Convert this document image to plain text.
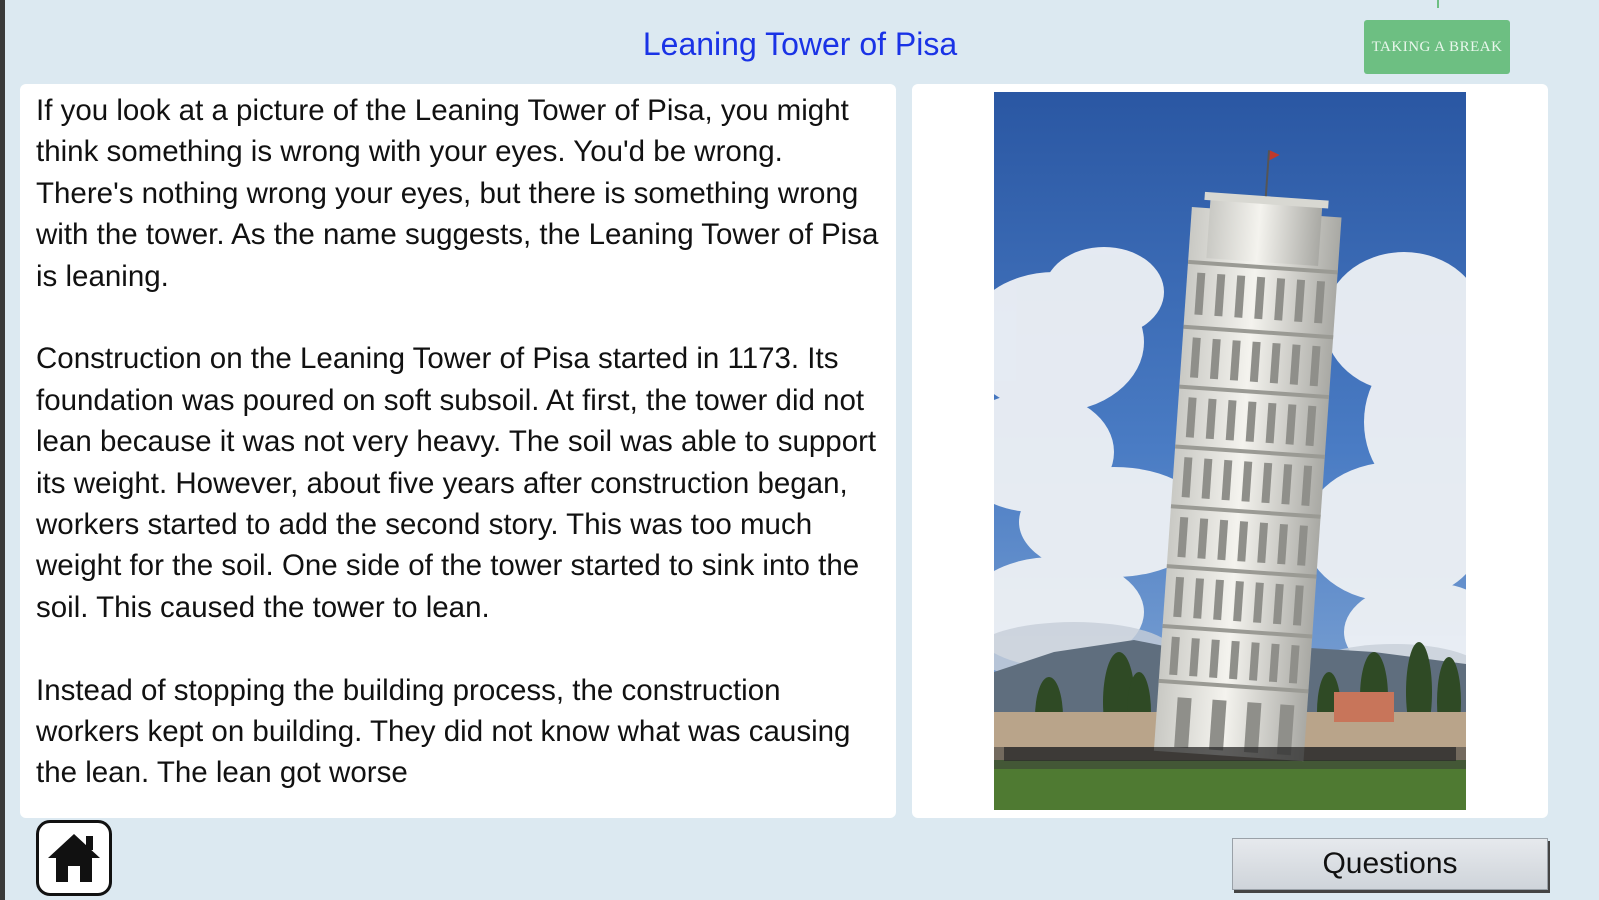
Leaning Tower of Pisa	TAKING A BREAK

If you look at a picture of the Leaning Tower of Pisa, you might think something is wrong with your eyes. You'd be wrong. There's nothing wrong your eyes, but there is something wrong with the tower. As the name suggests, the Leaning Tower of Pisa is leaning.

Construction on the Leaning Tower of Pisa started in 1173. Its foundation was poured on soft subsoil. At first, the tower did not lean because it was not very heavy. The soil was able to support its weight. However, about five years after construction began, workers started to add the second story. This was too much weight for the soil. One side of the tower started to sink into the soil. This caused the tower to lean.

Instead of stopping the building process, the construction workers kept on building. They did not know what was causing the lean. The lean got worse

Questions
